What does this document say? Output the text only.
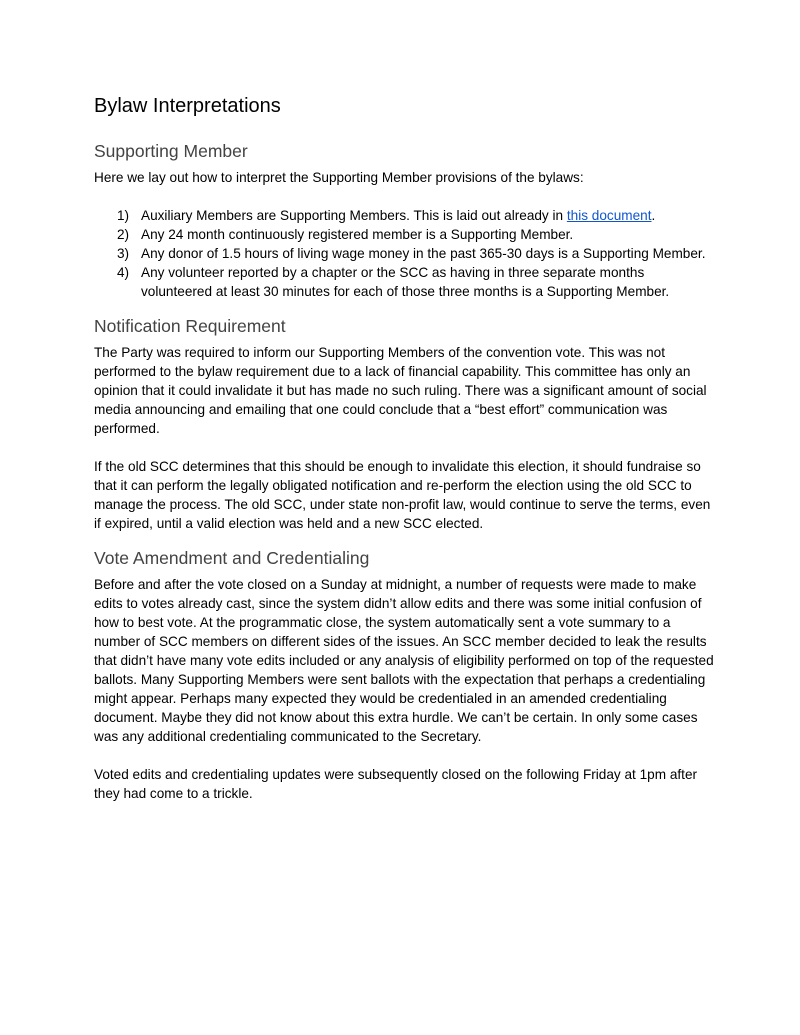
Bylaw Interpretations
Supporting Member

Here we lay out how to interpret the Supporting Member provisions of the bylaws:

1) Auxiliary Members are Supporting Members. This is laid out already in this document.
2) Any 24 month continuously registered member is a Supporting Member.
3) Any donor of 1.5 hours of living wage money in the past 365-30 days is a Supporting Member.
4) Any volunteer reported by a chapter or the SCC as having in three separate months volunteered at least 30 minutes for each of those three months is a Supporting Member.
Notification Requirement

The Party was required to inform our Supporting Members of the convention vote. This was not performed to the bylaw requirement due to a lack of financial capability. This committee has only an opinion that it could invalidate it but has made no such ruling. There was a significant amount of social media announcing and emailing that one could conclude that a “best effort” communication was performed.

If the old SCC determines that this should be enough to invalidate this election, it should fundraise so that it can perform the legally obligated notification and re-perform the election using the old SCC to manage the process. The old SCC, under state non-profit law, would continue to serve the terms, even if expired, until a valid election was held and a new SCC elected.

Vote Amendment and Credentialing

Before and after the vote closed on a Sunday at midnight, a number of requests were made to make edits to votes already cast, since the system didn’t allow edits and there was some initial confusion of how to best vote. At the programmatic close, the system automatically sent a vote summary to a number of SCC members on different sides of the issues. An SCC member decided to leak the results that didn’t have many vote edits included or any analysis of eligibility performed on top of the requested ballots. Many Supporting Members were sent ballots with the expectation that perhaps a credentialing might appear. Perhaps many expected they would be credentialed in an amended credentialing document. Maybe they did not know about this extra hurdle. We can’t be certain. In only some cases was any additional credentialing communicated to the Secretary.

Voted edits and credentialing updates were subsequently closed on the following Friday at 1pm after they had come to a trickle.
